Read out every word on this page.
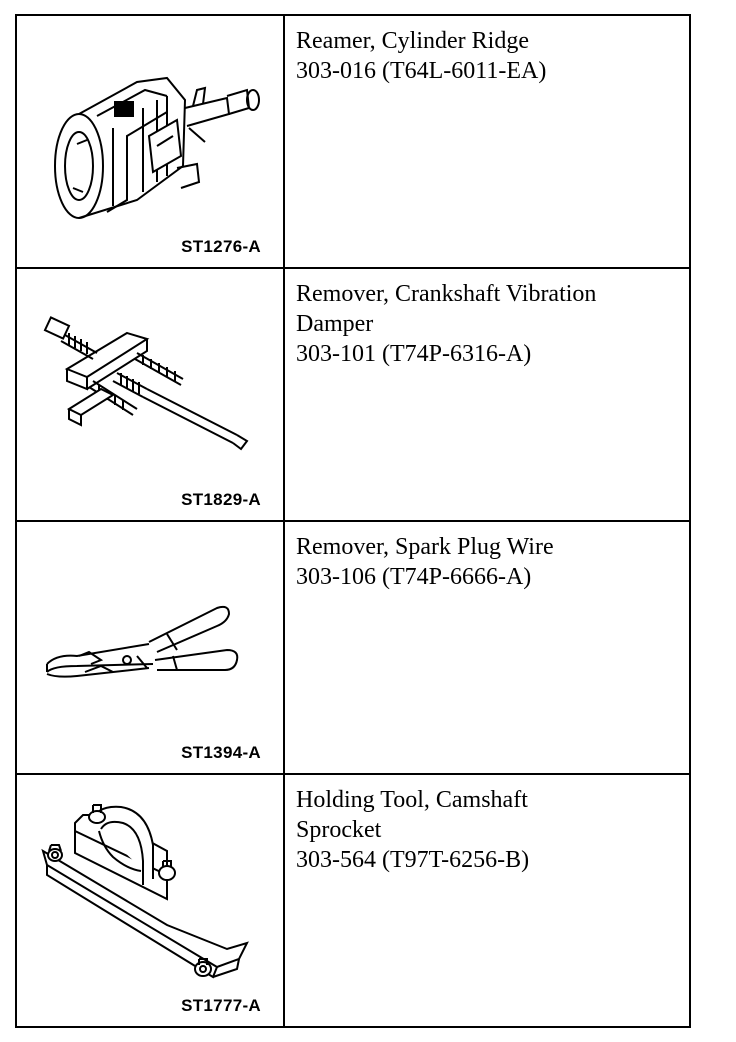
ST1276-A	Reamer, Cylinder Ridge
303-016 (T64L-6011-EA)

ST1829-A	Remover, Crankshaft Vibration
Damper
303-101 (T74P-6316-A)

ST1394-A	Remover, Spark Plug Wire
303-106 (T74P-6666-A)

ST1777-A	Holding Tool, Camshaft
Sprocket
303-564 (T97T-6256-B)
